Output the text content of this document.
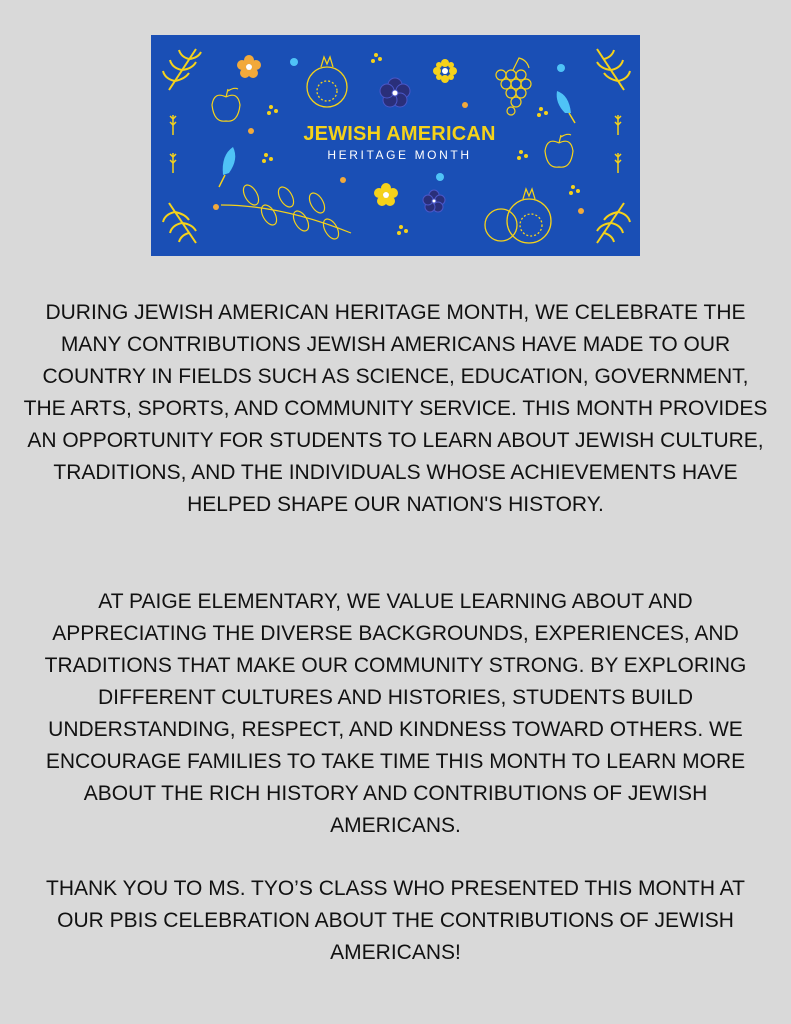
JEWISH AMERICAN
HERITAGE MONTH

DURING JEWISH AMERICAN HERITAGE MONTH, WE CELEBRATE THE MANY CONTRIBUTIONS JEWISH AMERICANS HAVE MADE TO OUR COUNTRY IN FIELDS SUCH AS SCIENCE, EDUCATION, GOVERNMENT, THE ARTS, SPORTS, AND COMMUNITY SERVICE. THIS MONTH PROVIDES AN OPPORTUNITY FOR STUDENTS TO LEARN ABOUT JEWISH CULTURE, TRADITIONS, AND THE INDIVIDUALS WHOSE ACHIEVEMENTS HAVE HELPED SHAPE OUR NATION'S HISTORY.

AT PAIGE ELEMENTARY, WE VALUE LEARNING ABOUT AND APPRECIATING THE DIVERSE BACKGROUNDS, EXPERIENCES, AND TRADITIONS THAT MAKE OUR COMMUNITY STRONG. BY EXPLORING DIFFERENT CULTURES AND HISTORIES, STUDENTS BUILD UNDERSTANDING, RESPECT, AND KINDNESS TOWARD OTHERS. WE ENCOURAGE FAMILIES TO TAKE TIME THIS MONTH TO LEARN MORE ABOUT THE RICH HISTORY AND CONTRIBUTIONS OF JEWISH AMERICANS.

THANK YOU TO MS. TYO’S CLASS WHO PRESENTED THIS MONTH AT OUR PBIS CELEBRATION ABOUT THE CONTRIBUTIONS OF JEWISH AMERICANS!
